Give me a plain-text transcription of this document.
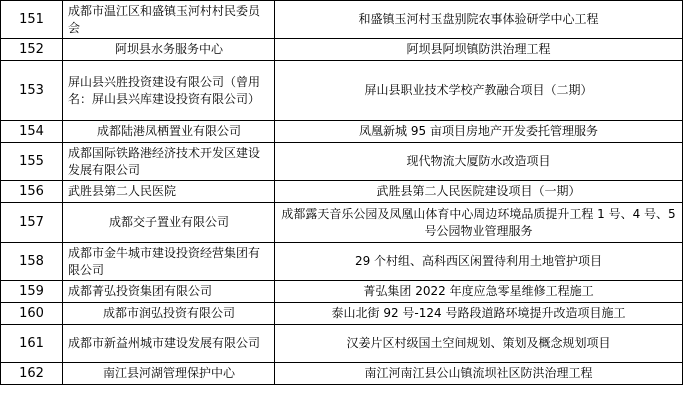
151	成都市温江区和盛镇玉河村村民委员会	和盛镇玉河村玉盘别院农事体验研学中心工程
152	阿坝县水务服务中心	阿坝县阿坝镇防洪治理工程
153	屏山县兴胜投资建设有限公司（曾用名：屏山县兴库建设投资有限公司）	屏山县职业技术学校产教融合项目（二期）
154	成都陆港凤栖置业有限公司	凤凰新城 95 亩项目房地产开发委托管理服务
155	成都国际铁路港经济技术开发区建设发展有限公司	现代物流大厦防水改造项目
156	武胜县第二人民医院	武胜县第二人民医院建设项目（一期）
157	成都交子置业有限公司	成都露天音乐公园及凤凰山体育中心周边环境品质提升工程 1 号、4 号、5 号公园物业管理服务
158	成都市金牛城市建设投资经营集团有限公司	29 个村组、高科西区闲置待利用土地管护项目
159	成都菁弘投资集团有限公司	菁弘集团 2022 年度应急零星维修工程施工
160	成都市润弘投资有限公司	泰山北街 92 号-124 号路段道路环境提升改造项目施工
161	成都市新益州城市建设发展有限公司	汉姜片区村级国土空间规划、策划及概念规划项目
162	南江县河湖管理保护中心	南江河南江县公山镇流坝社区防洪治理工程
